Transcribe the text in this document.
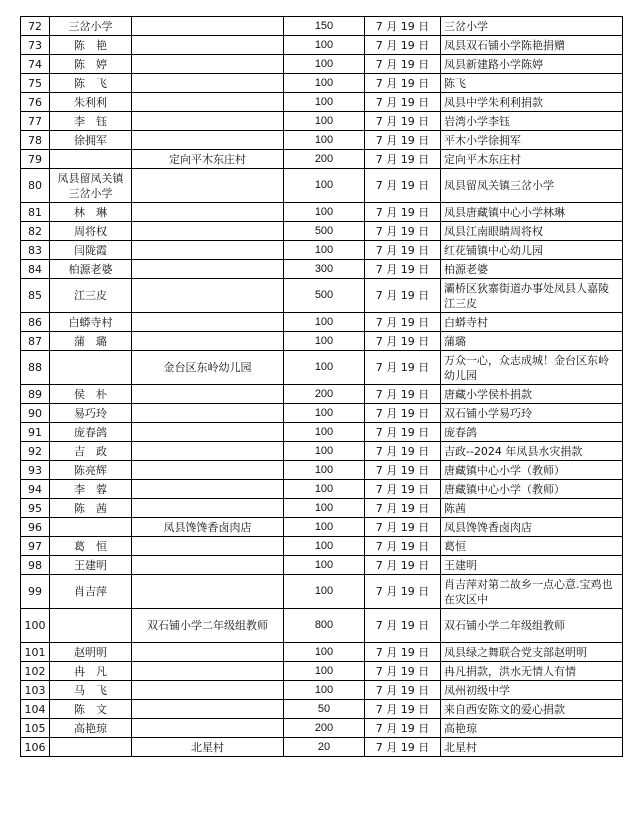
72	三岔小学		150	7 月 19 日	三岔小学
73	陈　艳		100	7 月 19 日	凤县双石铺小学陈艳捐赠
74	陈　婷		100	7 月 19 日	凤县新建路小学陈婷
75	陈　飞		100	7 月 19 日	陈飞
76	朱利利		100	7 月 19 日	凤县中学朱利利捐款
77	李　钰		100	7 月 19 日	岩湾小学李钰
78	徐拥军		100	7 月 19 日	平木小学徐拥军
79		定向平木东庄村	200	7 月 19 日	定向平木东庄村
80	凤县留凤关镇三岔小学		100	7 月 19 日	凤县留凤关镇三岔小学
81	林　琳		100	7 月 19 日	凤县唐藏镇中心小学林琳
82	周将权		500	7 月 19 日	凤县江南眼睛周将权
83	闫陇霞		100	7 月 19 日	红花铺镇中心幼儿园
84	柏源老婆		300	7 月 19 日	柏源老婆
85	江三皮		500	7 月 19 日	灞桥区狄寨街道办事处凤县人嘉陵江三皮
86	白蟒寺村		100	7 月 19 日	白蟒寺村
87	蒲　璐		100	7 月 19 日	蒲璐
88		金台区东岭幼儿园	100	7 月 19 日	万众一心，众志成城！金台区东岭幼儿园
89	侯　朴		200	7 月 19 日	唐藏小学侯朴捐款
90	易巧玲		100	7 月 19 日	双石铺小学易巧玲
91	庞春鸽		100	7 月 19 日	庞春鸽
92	吉　政		100	7 月 19 日	吉政--2024 年凤县水灾捐款
93	陈亮辉		100	7 月 19 日	唐藏镇中心小学（教师）
94	李　蓉		100	7 月 19 日	唐藏镇中心小学（教师）
95	陈　茜		100	7 月 19 日	陈茜
96		凤县馋馋香卤肉店	100	7 月 19 日	凤县馋馋香卤肉店
97	葛　恒		100	7 月 19 日	葛恒
98	王建明		100	7 月 19 日	王建明
99	肖吉萍		100	7 月 19 日	肖吉萍对第二故乡一点心意.宝鸡也在灾区中
100		双石铺小学二年级组教师	800	7 月 19 日	双石铺小学二年级组教师
101	赵明明		100	7 月 19 日	凤县绿之舞联合党支部赵明明
102	冉　凡		100	7 月 19 日	冉凡捐款，洪水无情人有情
103	马　飞		100	7 月 19 日	凤州初级中学
104	陈　文		50	7 月 19 日	来自西安陈文的爱心捐款
105	高艳琼		200	7 月 19 日	高艳琼
106		北星村	20	7 月 19 日	北星村
